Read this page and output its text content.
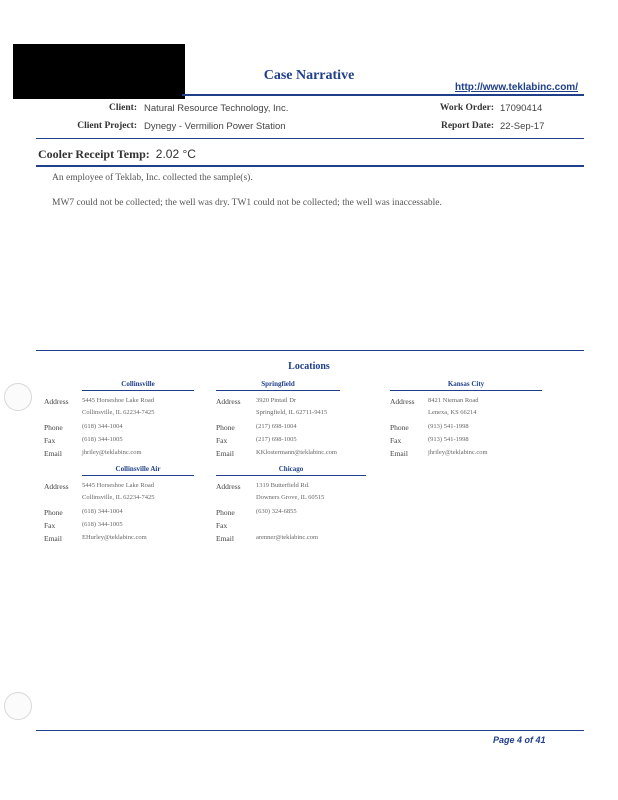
Case Narrative
http://www.teklabinc.com/
Client: Natural Resource Technology, Inc.
Client Project: Dynegy - Vermilion Power Station
Work Order: 17090414
Report Date: 22-Sep-17
Cooler Receipt Temp: 2.02 °C
An employee of Teklab, Inc. collected the sample(s).
MW7 could not be collected; the well was dry. TW1 could not be collected; the well was inaccessable.
Locations
Collinsville
Address 5445 Horseshoe Lake Road
Collinsville, IL 62234-7425
Phone	(618) 344-1004
Fax	(618) 344-1005
Email	jhriley@teklabinc.com
Springfield
Address 3920 Pintail Dr
Springfield, IL 62711-9415
Phone	(217) 698-1004
Fax	(217) 698-1005
Email	KKlostermann@teklabinc.com
Kansas City
Address 8421 Nieman Road
Lenexa, KS 66214
Phone	(913) 541-1998
Fax	(913) 541-1998
Email	jhriley@teklabinc.com
Collinsville Air
Address 5445 Horseshoe Lake Road
Collinsville, IL 62234-7425
Phone	(618) 344-1004
Fax	(618) 344-1005
Email	EHurley@teklabinc.com
Chicago
Address 1319 Butterfield Rd.
Downers Grove, IL 60515
Phone	(630) 324-6855
Fax
Email	arenner@teklabinc.com
Page 4 of 41
